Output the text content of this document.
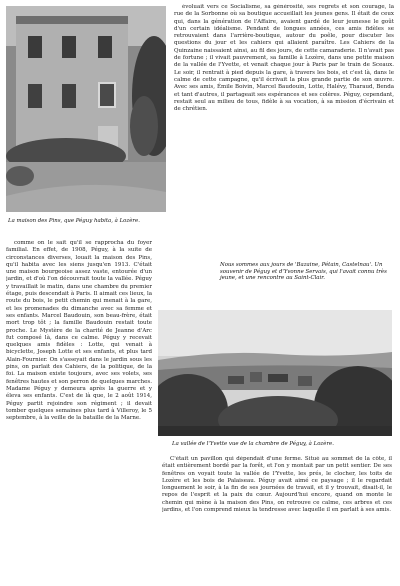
La maison des Pins, que Péguy habita, à Lozère.

évoluait vers ce Socialisme, sa générosité, ses regrets et son courage, la rue de la Sorbonne où sa boutique accueillait les jeunes gens. Il était de ceux qui, dans la génération de l'Affaire, avaient gardé de leur jeunesse le goût d'un certain idéalisme. Pendant de longues années, ces amis fidèles se retrouvaient dans l'arrière-boutique, autour du poêle, pour discuter les questions du jour et les cahiers qui allaient paraître. Les Cahiers de la Quinzaine naissaient ainsi, au fil des jours, de cette camaraderie. Il n'avait pas de fortune ; il vivait pauvrement, sa famille à Lozère, dans une petite maison de la vallée de l'Yvette, et venait chaque jour à Paris par le train de Sceaux. Le soir, il rentrait à pied depuis la gare, à travers les bois, et c'est là, dans le calme de cette campagne, qu'il écrivait la plus grande partie de son œuvre. Avec ses amis, Émile Boivin, Marcel Baudouin, Lotte, Halévy, Tharaud, Benda et tant d'autres, il partageait ses espérances et ses colères. Péguy, cependant, restait seul au milieu de tous, fidèle à sa vocation, à sa mission d'écrivain et de chrétien.

Nous sommes aux jours de 'Bazaine, Pétain, Castelnau'. Un souvenir de Péguy et d'Yvonne Servais, qui l'avait connu très jeune, et une rencontre au Saint-Clair.

comme on le sait qu'il se rapprocha du foyer familial. En effet, de 1908, Péguy, à la suite de circonstances diverses, louait la maison des Pins, qu'il habita avec les siens jusqu'en 1913. C'était une maison bourgeoise assez vaste, entourée d'un jardin, et d'où l'on découvrait toute la vallée. Péguy y travaillait le matin, dans une chambre du premier étage, puis descendait à Paris. Il aimait ces lieux, la route du bois, le petit chemin qui menait à la gare, et les promenades du dimanche avec sa femme et ses enfants. Marcel Baudouin, son beau-frère, était mort trop tôt ; la famille Baudouin restait toute proche. Le Mystère de la charité de Jeanne d'Arc fut composé là, dans ce calme. Péguy y recevait quelques amis fidèles : Lotte, qui venait à bicyclette, Joseph Lotte et ses enfants, et plus tard Alain-Fournier. On s'asseyait dans le jardin sous les pins, on parlait des Cahiers, de la politique, de la foi. La maison existe toujours, avec ses volets, ses fenêtres hautes et son perron de quelques marches. Madame Péguy y demeura après la guerre et y éleva ses enfants. C'est de là que, le 2 août 1914, Péguy partit rejoindre son régiment ; il devait tomber quelques semaines plus tard à Villeroy, le 5 septembre, à la veille de la bataille de la Marne.

La vallée de l'Yvette vue de la chambre de Péguy, à Lozère.

C'était un pavillon qui dépendait d'une ferme. Situé au sommet de la côte, il était entièrement bordé par la forêt, et l'on y montait par un petit sentier. De ses fenêtres on voyait toute la vallée de l'Yvette, les prés, le clocher, les toits de Lozère et les bois de Palaiseau. Péguy avait aimé ce paysage ; il le regardait longuement le soir, à la fin de ses journées de travail, et il y trouvait, disait-il, le repos de l'esprit et la paix du cœur. Aujourd'hui encore, quand on monte le chemin qui mène à la maison des Pins, on retrouve ce calme, ces arbres et ces jardins, et l'on comprend mieux la tendresse avec laquelle il en parlait à ses amis.
